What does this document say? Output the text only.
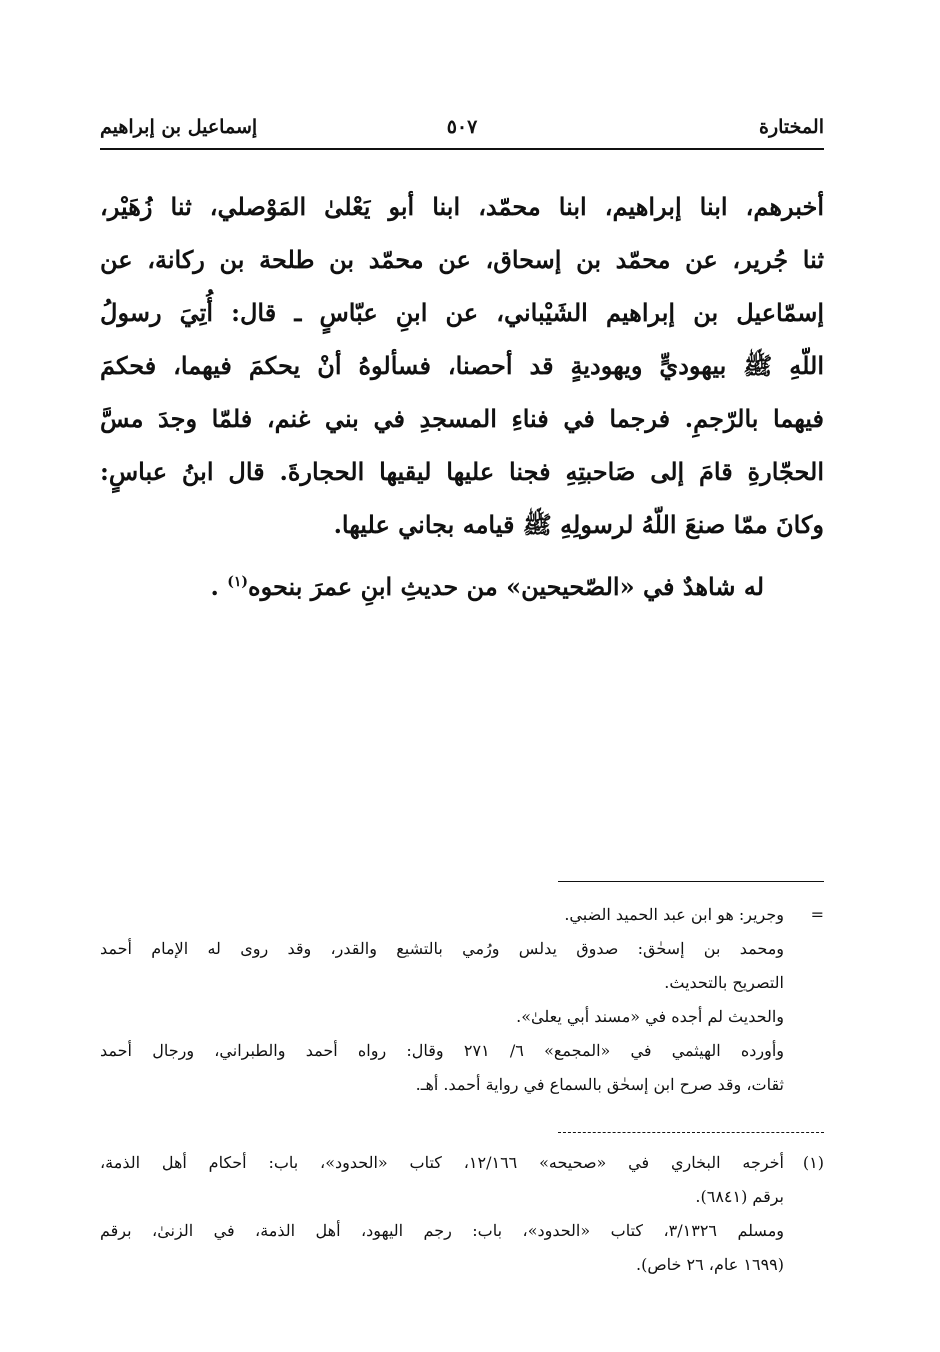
المختارة
٥٠٧
إسماعيل بن إبراهيم
أخبرهم، ابنا إبراهيم، ابنا محمّد، ابنا أبو يَعْلىٰ المَوْصلي، ثنا زُهَيْر،
ثنا جُرير، عن محمّد بن إسحاق، عن محمّد بن طلحة بن ركانة، عن
إسمّاعيل بن إبراهيم الشَيْباني، عن ابنِ عبّاسٍ ـ قال: أُتِيَ رسولُ
اللّهِ ﷺ بيهوديٍّ ويهوديةٍ قد أحصنا، فسألوهُ أنْ يحكمَ فيهما، فحكمَ
فيهما بالرّجمِ. فرجما في فناءِ المسجدِ في بني غنم، فلمّا وجدَ مسَّ
الحجّارةِ قامَ إلى صَاحبتِهِ فجنا عليها ليقيها الحجارةَ. قال ابنُ عباسٍ:
وكانَ ممّا صنعَ اللّهُ لرسولِهِ ﷺ قيامه بجاني عليها.
له شاهدٌ في «الصّحيحين» من حديثِ ابنِ عمرَ بنحوه$^{(١)}$ .
=وجرير: هو ابن عبد الحميد الضبي.
ومحمد بن إسحٰق: صدوق يدلس ورُمي بالتشيع والقدر، وقد روى له الإمام أحمد
التصريح بالتحديث.
والحديث لم أجده في «مسند أبي يعلىٰ».
وأورده الهيثمي في «المجمع» ٦/ ٢٧١ وقال: رواه أحمد والطبراني، ورجال أحمد
ثقات، وقد صرح ابن إسحٰق بالسماع في رواية أحمد. أهـ.
(١)أخرجه البخاري في «صحيحه» ١٢/١٦٦، كتاب «الحدود»، باب: أحكام أهل الذمة،
برقم (٦٨٤١).
ومسلم ٣/١٣٢٦، كتاب «الحدود»، باب: رجم اليهود، أهل الذمة، في الزنىٰ، برقم
(١٦٩٩ عام، ٢٦ خاص).
